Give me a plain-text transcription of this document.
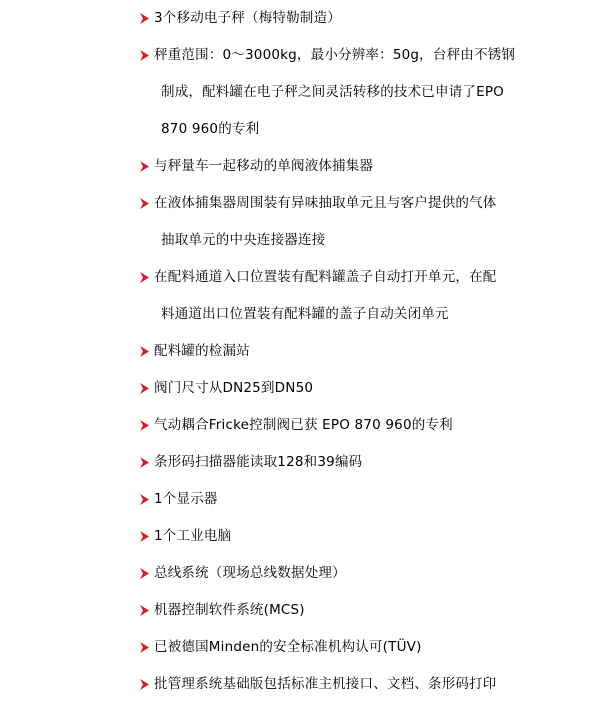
3个移动电子秤（梅特勒制造）
秤重范围：0～3000kg，最小分辨率：50g，台秤由不锈钢
制成，配料罐在电子秤之间灵活转移的技术已申请了EPO
870 960的专利
与秤量车一起移动的单阀液体捕集器
在液体捕集器周围装有异味抽取单元且与客户提供的气体
抽取单元的中央连接器连接
在配料通道入口位置装有配料罐盖子自动打开单元，在配
料通道出口位置装有配料罐的盖子自动关闭单元
配料罐的检漏站
阀门尺寸从DN25到DN50
气动耦合Fricke控制阀已获 EPO 870 960的专利
条形码扫描器能读取128和39编码
1个显示器
1个工业电脑
总线系统（现场总线数据处理）
机器控制软件系统(MCS)
已被德国Minden的安全标准机构认可(TÜV)
批管理系统基础版包括标准主机接口、文档、条形码打印
